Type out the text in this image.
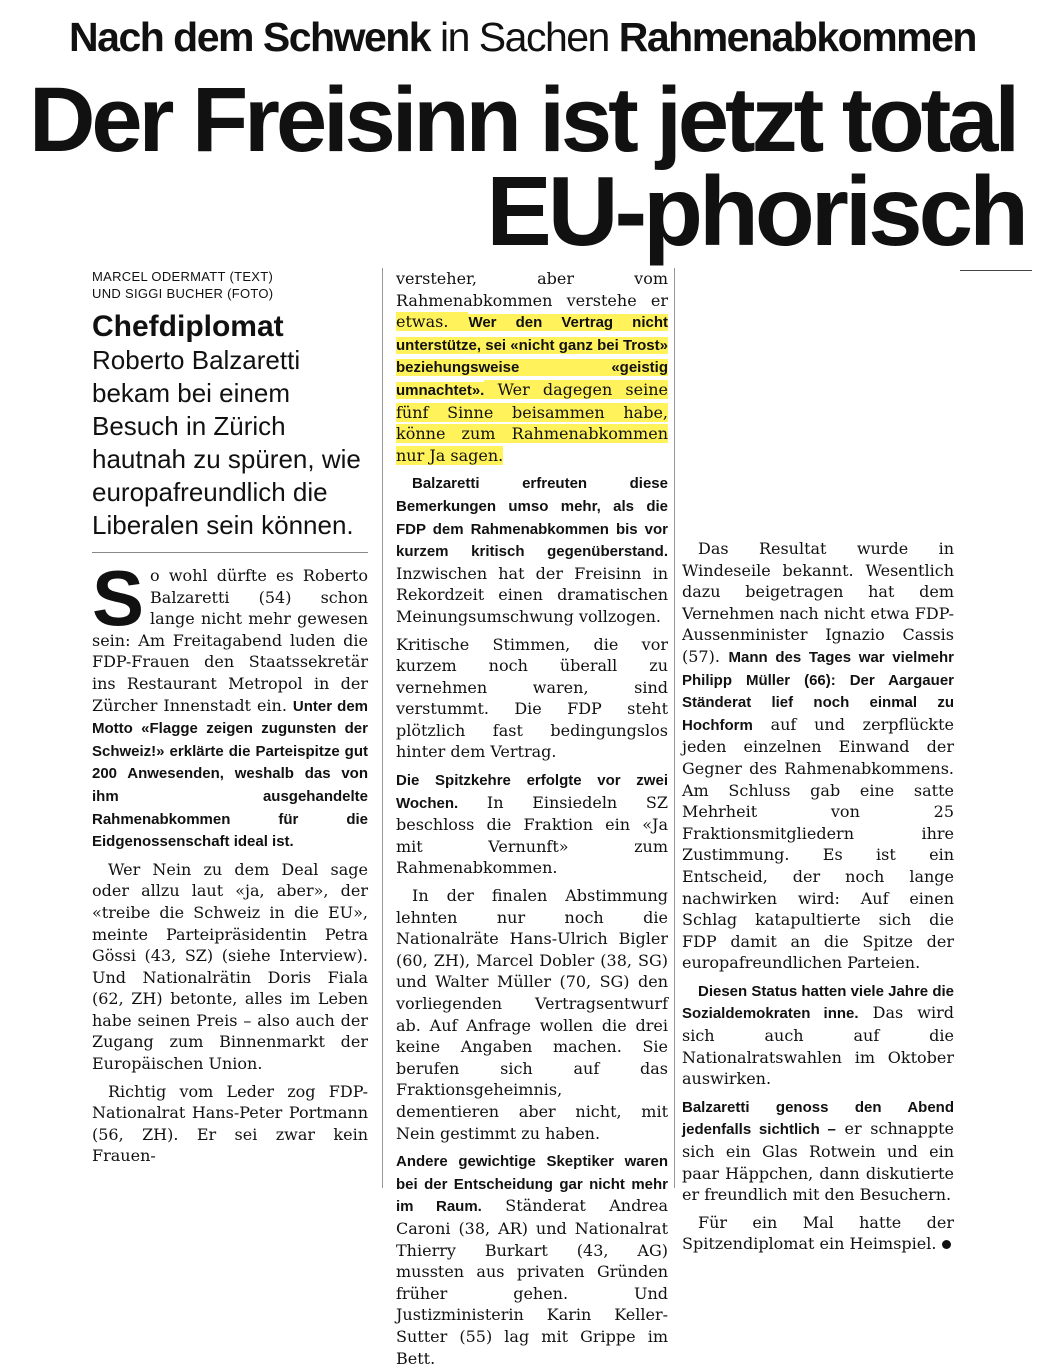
Nach dem Schwenk in Sachen Rahmenabkommen
Der Freisinn ist jetzt total
EU-phorisch
MARCEL ODERMATT (TEXT)
UND SIGGI BUCHER (FOTO)
Chefdiplomat
Roberto Balzaretti bekam bei einem Besuch in Zürich hautnah zu spüren, wie europafreundlich die Liberalen sein können.

So wohl dürfte es Roberto Balzaretti (54) schon lange nicht mehr gewesen sein: Am Freitagabend luden die FDP-Frauen den Staatssekretär ins Restaurant Metropol in der Zürcher Innenstadt ein. Unter dem Motto «Flagge zeigen zugunsten der Schweiz!» erklärte die Parteispitze gut 200 Anwesenden, weshalb das von ihm ausgehandelte Rahmenabkommen für die Eidgenossenschaft ideal ist.

Wer Nein zu dem Deal sage oder allzu laut «ja, aber», der «treibe die Schweiz in die EU», meinte Parteipräsidentin Petra Gössi (43, SZ) (siehe Interview). Und Nationalrätin Doris Fiala (62, ZH) betonte, alles im Leben habe seinen Preis – also auch der Zugang zum Binnenmarkt der Europäischen Union.

Richtig vom Leder zog FDP-Nationalrat Hans-Peter Portmann (56, ZH). Er sei zwar kein Frauen-

versteher, aber vom Rahmenabkommen verstehe er etwas. Wer den Vertrag nicht unterstütze, sei «nicht ganz bei Trost» beziehungsweise «geistig umnachtet». Wer dagegen seine fünf Sinne beisammen habe, könne zum Rahmenabkommen nur Ja sagen.

Balzaretti erfreuten diese Bemerkungen umso mehr, als die FDP dem Rahmenabkommen bis vor kurzem kritisch gegenüberstand. Inzwischen hat der Freisinn in Rekordzeit einen dramatischen Meinungsumschwung vollzogen.

Kritische Stimmen, die vor kurzem noch überall zu vernehmen waren, sind verstummt. Die FDP steht plötzlich fast bedingungslos hinter dem Vertrag.

Die Spitzkehre erfolgte vor zwei Wochen. In Einsiedeln SZ beschloss die Fraktion ein «Ja mit Vernunft» zum Rahmenabkommen.

In der finalen Abstimmung lehnten nur noch die Nationalräte Hans-Ulrich Bigler (60, ZH), Marcel Dobler (38, SG) und Walter Müller (70, SG) den vorliegenden Vertragsentwurf ab. Auf Anfrage wollen die drei keine Angaben machen. Sie berufen sich auf das Fraktionsgeheimnis, dementieren aber nicht, mit Nein gestimmt zu haben.

Andere gewichtige Skeptiker waren bei der Entscheidung gar nicht mehr im Raum. Ständerat Andrea Caroni (38, AR) und Nationalrat Thierry Burkart (43, AG) mussten aus privaten Gründen früher gehen. Und Justizministerin Karin Keller-Sutter (55) lag mit Grippe im Bett.

Das Resultat wurde in Windeseile bekannt. Wesentlich dazu beigetragen hat dem Vernehmen nach nicht etwa FDP-Aussenminister Ignazio Cassis (57). Mann des Tages war vielmehr Philipp Müller (66): Der Aargauer Ständerat lief noch einmal zu Hochform auf und zerpflückte jeden einzelnen Einwand der Gegner des Rahmenabkommens. Am Schluss gab eine satte Mehrheit von 25 Fraktionsmitgliedern ihre Zustimmung. Es ist ein Entscheid, der noch lange nachwirken wird: Auf einen Schlag katapultierte sich die FDP damit an die Spitze der europafreundlichen Parteien.

Diesen Status hatten viele Jahre die Sozialdemokraten inne. Das wird sich auch auf die Nationalratswahlen im Oktober auswirken.

Balzaretti genoss den Abend jedenfalls sichtlich – er schnappte sich ein Glas Rotwein und ein paar Häppchen, dann diskutierte er freundlich mit den Besuchern.

Für ein Mal hatte der Spitzendiplomat ein Heimspiel.
